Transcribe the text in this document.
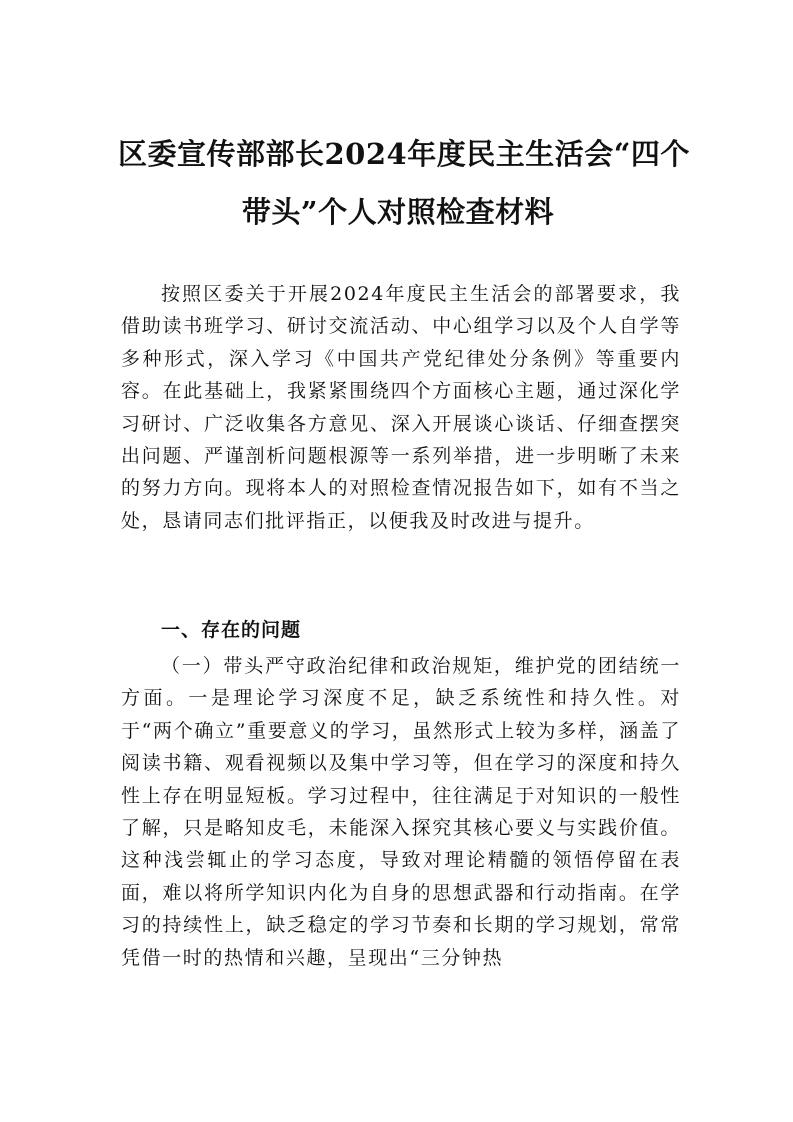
区委宣传部部长2024年度民主生活会“四个
带头”个人对照检查材料

按照区委关于开展2024年度民主生活会的部署要求，我借助读书班学习、研讨交流活动、中心组学习以及个人自学等多种形式，深入学习《中国共产党纪律处分条例》等重要内容。在此基础上，我紧紧围绕四个方面核心主题，通过深化学习研讨、广泛收集各方意见、深入开展谈心谈话、仔细查摆突出问题、严谨剖析问题根源等一系列举措，进一步明晰了未来的努力方向。现将本人的对照检查情况报告如下，如有不当之处，恳请同志们批评指正，以便我及时改进与提升。

一、存在的问题

（一）带头严守政治纪律和政治规矩，维护党的团结统一方面。一是理论学习深度不足，缺乏系统性和持久性。对于“两个确立”重要意义的学习，虽然形式上较为多样，涵盖了阅读书籍、观看视频以及集中学习等，但在学习的深度和持久性上存在明显短板。学习过程中，往往满足于对知识的一般性了解，只是略知皮毛，未能深入探究其核心要义与实践价值。这种浅尝辄止的学习态度，导致对理论精髓的领悟停留在表面，难以将所学知识内化为自身的思想武器和行动指南。在学习的持续性上，缺乏稳定的学习节奏和长期的学习规划，常常凭借一时的热情和兴趣，呈现出“三分钟热
